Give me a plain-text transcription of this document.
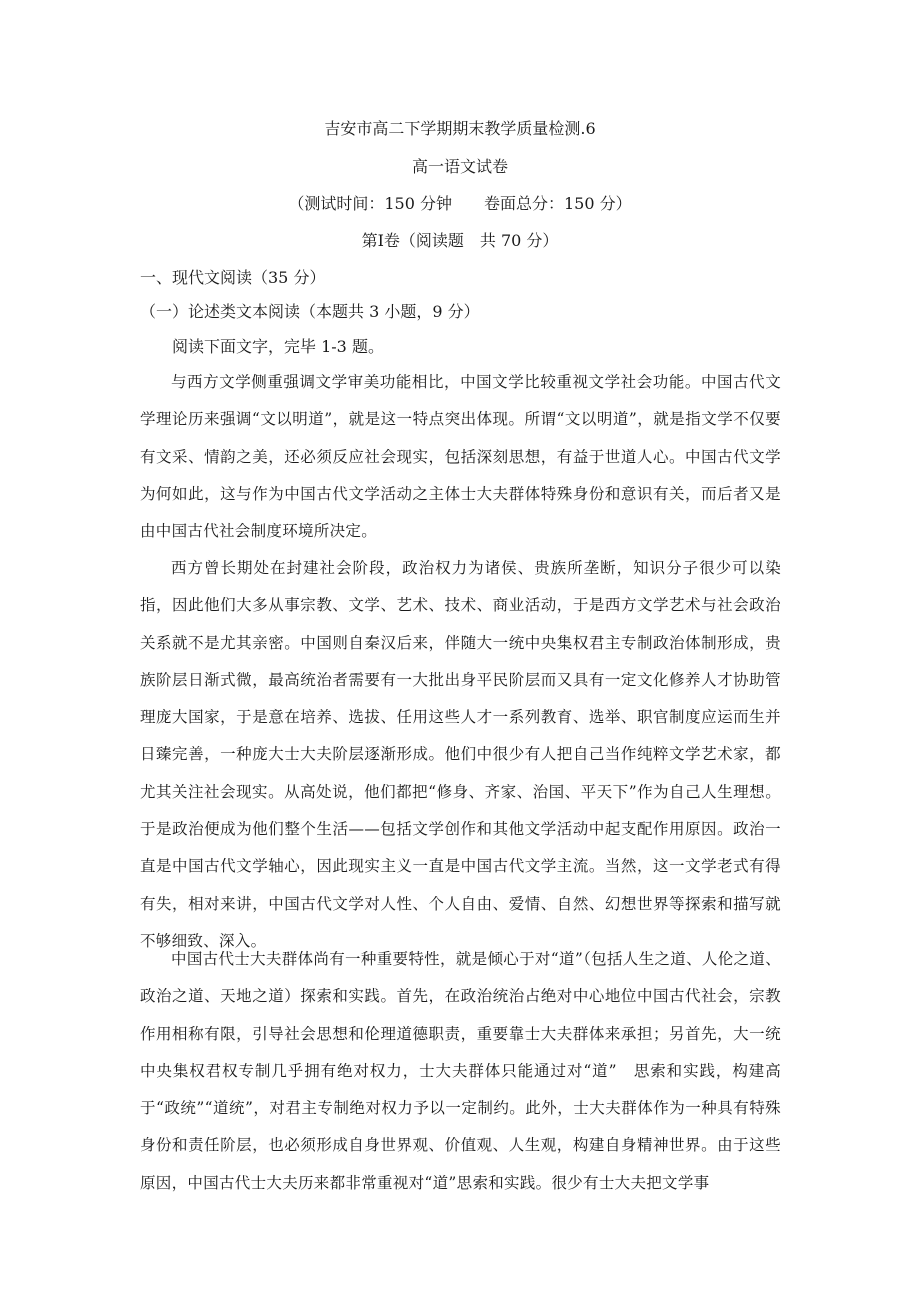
吉安市高二下学期期末教学质量检测.6
高一语文试卷
（测试时间：150 分钟　　卷面总分：150 分）
第Ⅰ卷（阅读题　共 70 分）
一、现代文阅读（35 分）
（一）论述类文本阅读（本题共 3 小题，9 分）
阅读下面文字，完毕 1-3 题。

与西方文学侧重强调文学审美功能相比，中国文学比较重视文学社会功能。中国古代文学理论历来强调“文以明道”，就是这一特点突出体现。所谓“文以明道”，就是指文学不仅要有文采、情韵之美，还必须反应社会现实，包括深刻思想，有益于世道人心。中国古代文学为何如此，这与作为中国古代文学活动之主体士大夫群体特殊身份和意识有关，而后者又是由中国古代社会制度环境所决定。

西方曾长期处在封建社会阶段，政治权力为诸侯、贵族所垄断，知识分子很少可以染指，因此他们大多从事宗教、文学、艺术、技术、商业活动，于是西方文学艺术与社会政治关系就不是尤其亲密。中国则自秦汉后来，伴随大一统中央集权君主专制政治体制形成，贵族阶层日渐式微，最高统治者需要有一大批出身平民阶层而又具有一定文化修养人才协助管理庞大国家，于是意在培养、选拔、任用这些人才一系列教育、选举、职官制度应运而生并日臻完善，一种庞大士大夫阶层逐渐形成。他们中很少有人把自己当作纯粹文学艺术家，都尤其关注社会现实。从高处说，他们都把“修身、齐家、治国、平天下”作为自己人生理想。于是政治便成为他们整个生活——包括文学创作和其他文学活动中起支配作用原因。政治一直是中国古代文学轴心，因此现实主义一直是中国古代文学主流。当然，这一文学老式有得有失，相对来讲，中国古代文学对人性、个人自由、爱情、自然、幻想世界等探索和描写就不够细致、深入。

中国古代士大夫群体尚有一种重要特性，就是倾心于对“道”（包括人生之道、人伦之道、政治之道、天地之道）探索和实践。首先，在政治统治占绝对中心地位中国古代社会，宗教作用相称有限，引导社会思想和伦理道德职责，重要靠士大夫群体来承担；另首先，大一统中央集权君权专制几乎拥有绝对权力，士大夫群体只能通过对“道”　思索和实践，构建高于“政统”“道统”，对君主专制绝对权力予以一定制约。此外，士大夫群体作为一种具有特殊身份和责任阶层，也必须形成自身世界观、价值观、人生观，构建自身精神世界。由于这些原因，中国古代士大夫历来都非常重视对“道”思索和实践。很少有士大夫把文学事
